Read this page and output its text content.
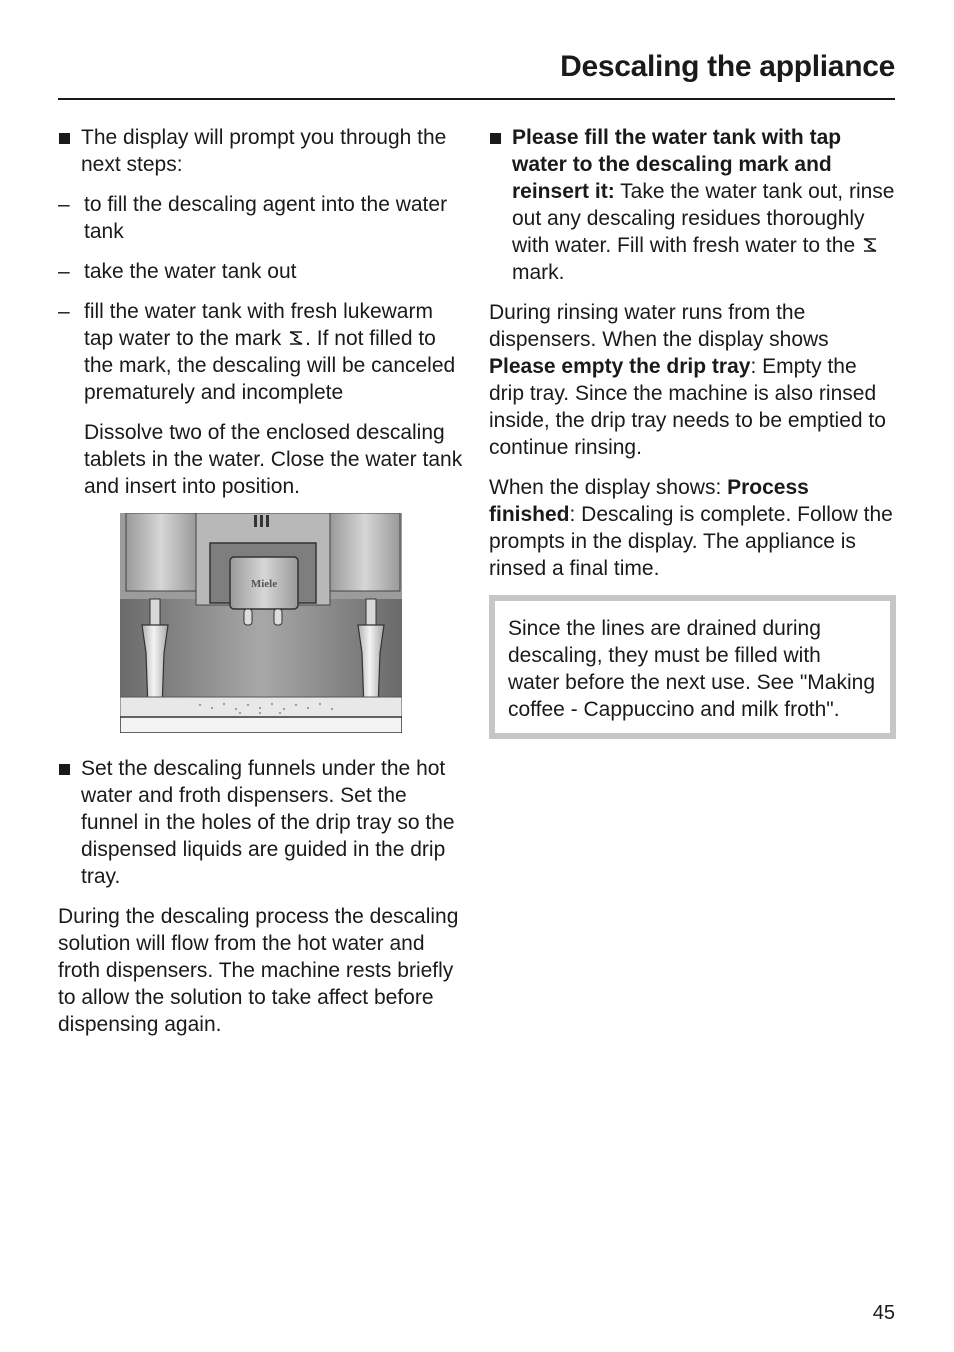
Descaling the appliance

The display will prompt you through the next steps:

– to fill the descaling agent into the water tank

– take the water tank out

– fill the water tank with fresh lukewarm tap water to the mark . If not filled to the mark, the descaling will be canceled prematurely and incomplete

Dissolve two of the enclosed descaling tablets in the water. Close the water tank and insert into position.

Miele

Set the descaling funnels under the hot water and froth dispensers. Set the funnel in the holes of the drip tray so the dispensed liquids are guided in the drip tray.

During the descaling process the descaling solution will flow from the hot water and froth dispensers. The machine rests briefly to allow the solution to take affect before dispensing again.

Please fill the water tank with tap water to the descaling mark and reinsert it: Take the water tank out, rinse out any descaling residues thoroughly with water. Fill with fresh water to the  mark.

During rinsing water runs from the dispensers. When the display shows Please empty the drip tray: Empty the drip tray. Since the machine is also rinsed inside, the drip tray needs to be emptied to continue rinsing.

When the display shows: Process finished: Descaling is complete. Follow the prompts in the display. The appliance is rinsed a final time.

Since the lines are drained during descaling, they must be filled with water before the next use. See "Making coffee - Cappuccino and milk froth".

45
